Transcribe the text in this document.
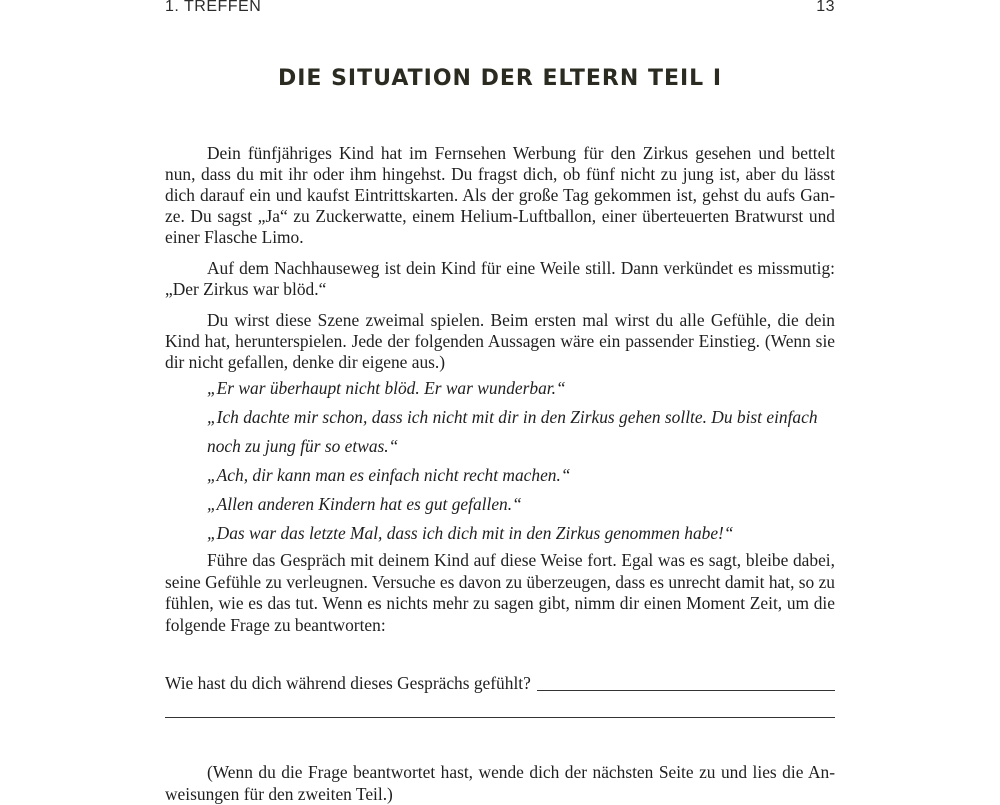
1. TREFFEN	13
DIE SITUATION DER ELTERN TEIL I

Dein fünfjähriges Kind hat im Fernsehen Werbung für den Zirkus gesehen und bettelt nun, dass du mit ihr oder ihm hingehst. Du fragst dich, ob fünf nicht zu jung ist, aber du lässt dich darauf ein und kaufst Eintrittskarten. Als der große Tag gekommen ist, gehst du aufs Ganze. Du sagst „Ja“ zu Zuckerwatte, einem Helium-Luftballon, einer überteuerten Bratwurst und einer Flasche Limo.

Auf dem Nachhauseweg ist dein Kind für eine Weile still. Dann verkündet es missmutig: „Der Zirkus war blöd.“

Du wirst diese Szene zweimal spielen. Beim ersten mal wirst du alle Gefühle, die dein Kind hat, herunterspielen. Jede der folgenden Aussagen wäre ein passender Einstieg. (Wenn sie dir nicht gefallen, denke dir eigene aus.)

„Er war überhaupt nicht blöd. Er war wunderbar.“
„Ich dachte mir schon, dass ich nicht mit dir in den Zirkus gehen sollte. Du bist einfach
noch zu jung für so etwas.“
„Ach, dir kann man es einfach nicht recht machen.“
„Allen anderen Kindern hat es gut gefallen.“
„Das war das letzte Mal, dass ich dich mit in den Zirkus genommen habe!“

Führe das Gespräch mit deinem Kind auf diese Weise fort. Egal was es sagt, bleibe dabei, seine Gefühle zu verleugnen. Versuche es davon zu überzeugen, dass es unrecht damit hat, so zu fühlen, wie es das tut. Wenn es nichts mehr zu sagen gibt, nimm dir einen Moment Zeit, um die folgende Frage zu beantworten:

Wie hast du dich während dieses Gesprächs gefühlt?

(Wenn du die Frage beantwortet hast, wende dich der nächsten Seite zu und lies die Anweisungen für den zweiten Teil.)
